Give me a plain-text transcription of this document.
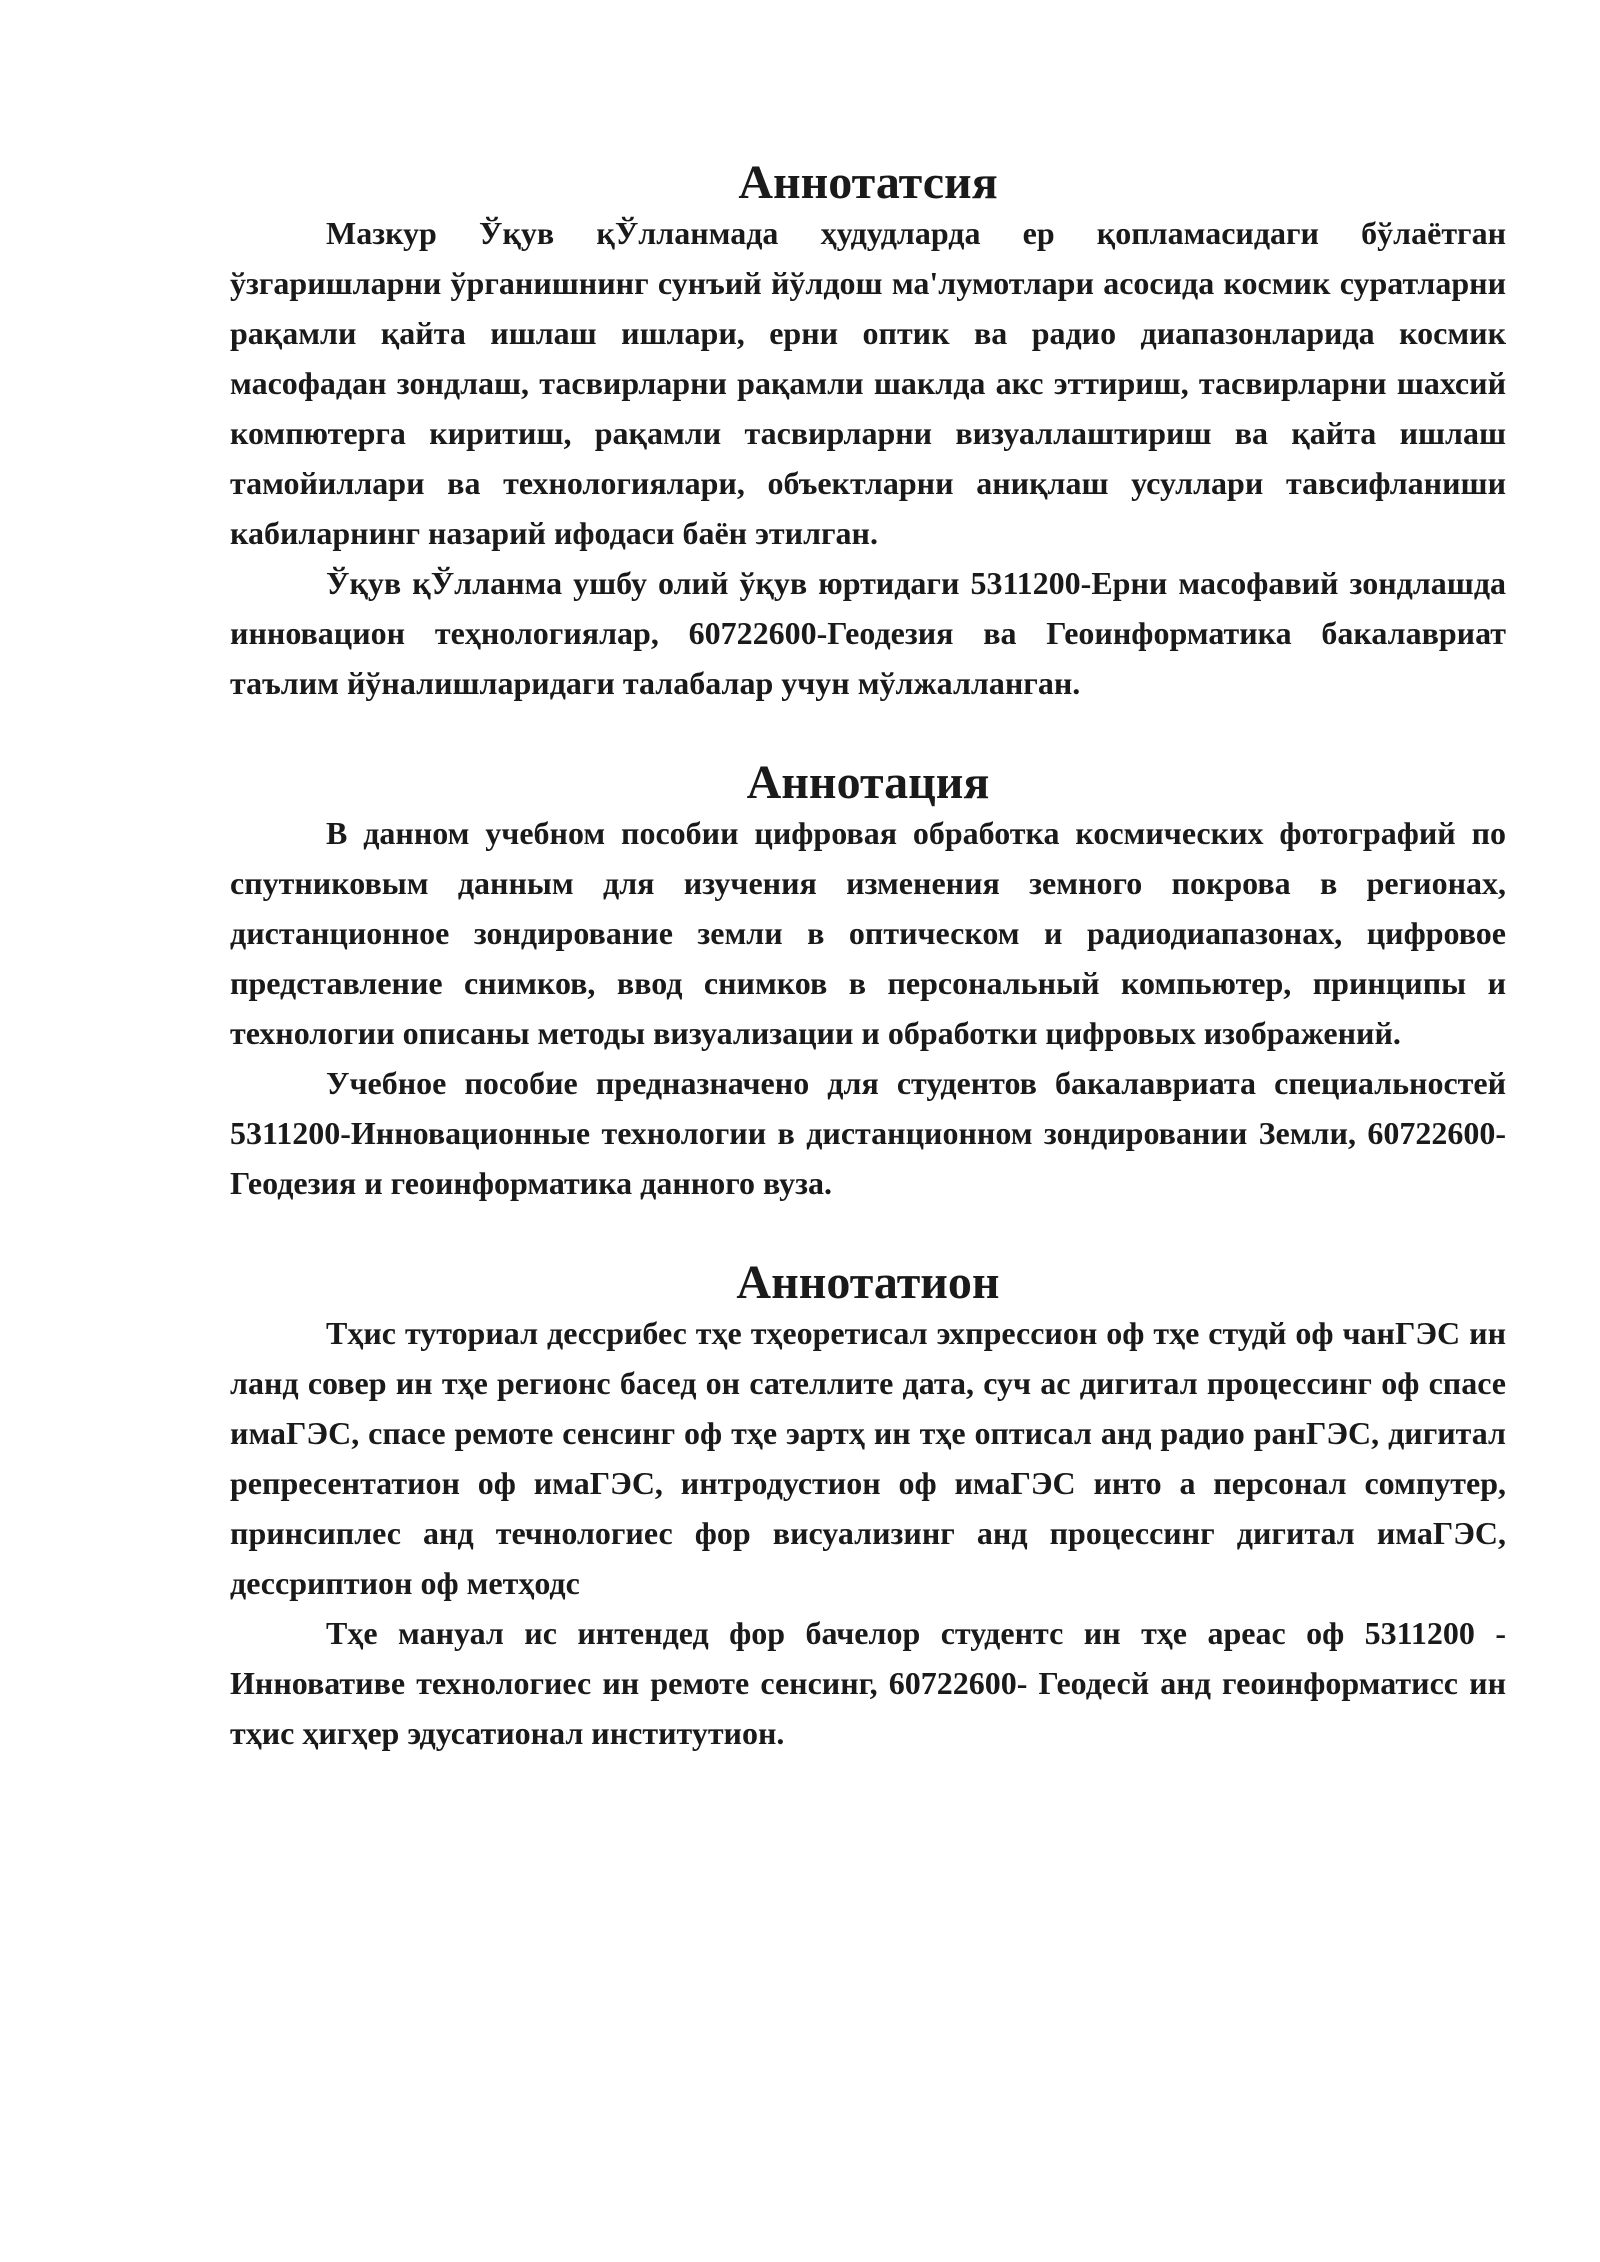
Аннотатсия

Мазкур Ўқув қЎлланмада ҳудудларда ер қопламасидаги бўлаётган ўзгаришларни ўрганишнинг сунъий йўлдош ма'лумотлари асосида космик суратларни рақамли қайта ишлаш ишлари, ерни оптик ва радио диапазонларида космик масофадан зондлаш, тасвирларни рақамли шаклда акс эттириш, тасвирларни шахсий компютерга киритиш, рақамли тасвирларни визуаллаштириш ва қайта ишлаш тамойиллари ва технологиялари, объектларни аниқлаш усуллари тавсифланиши кабиларнинг назарий ифодаси баён этилган.

Ўқув қЎлланма ушбу олий ўқув юртидаги 5311200-Ерни масофавий зондлашда инновацион теҳнологиялар, 60722600-Геодезия ва Геоинформатика бакалавриат таълим йўналишларидаги талабалар учун мўлжалланган.

Аннотация

В данном учебном пособии цифровая обработка космических фотографий по спутниковым данным для изучения изменения земного покрова в регионах, дистанционное зондирование земли в оптическом и радиодиапазонах, цифровое представление снимков, ввод снимков в персональный компьютер, принципы и технологии описаны методы визуализации и обработки цифровых изображений.

Учебное пособие предназначено для студентов бакалавриата специальностей 5311200-Инновационные технологии в дистанционном зондировании Земли, 60722600-Геодезия и геоинформатика данного вуза.

Аннотатион

Тҳис туториал дессрибес тҳе тҳеоретисал эхпрессион оф тҳе студй оф чанГЭС ин ланд совер ин тҳе регионс басед он сателлите дата, суч ас дигитал процессинг оф спасе имаГЭС, спасе ремоте сенсинг оф тҳе эартҳ ин тҳе оптисал анд радио ранГЭС, дигитал репресентатион оф имаГЭС, интродустион оф имаГЭС инто а персонал сомпутер, принсиплес анд течнологиес фор висуализинг анд процессинг дигитал имаГЭС, дессриптион оф метҳодс

Тҳе мануал ис интендед фор бачелор студентс ин тҳе ареас оф 5311200 - Инновативе технологиес ин ремоте сенсинг, 60722600- Геодесй анд геоинформатисс ин тҳис ҳигҳер эдусатионал институтион.
